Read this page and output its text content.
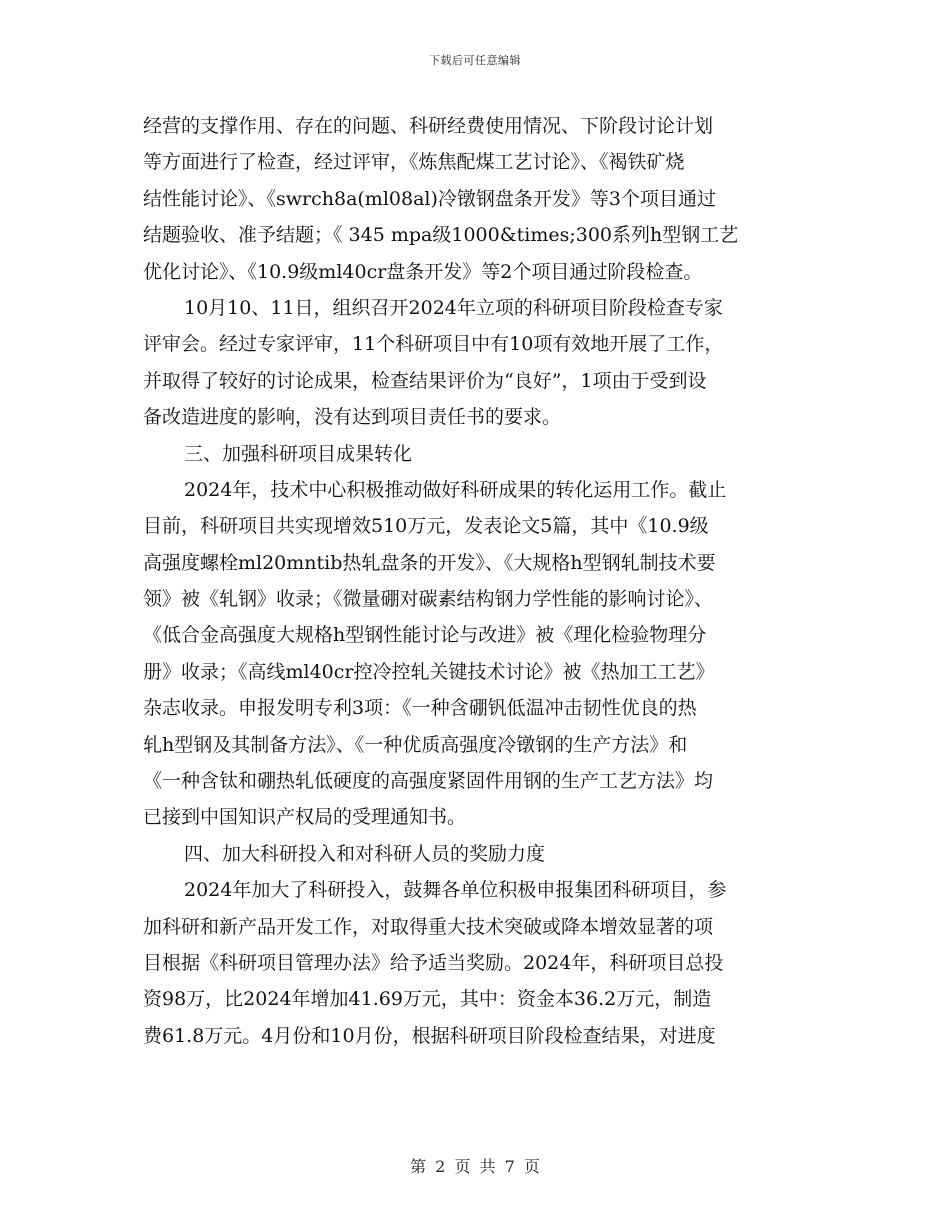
下载后可任意编辑
经营的支撑作用、存在的问题、科研经费使用情况、下阶段讨论计划
等方面进行了检查，经过评审，《炼焦配煤工艺讨论》、《褐铁矿烧
结性能讨论》、《swrch8a(ml08al)冷镦钢盘条开发》等3个项目通过
结题验收、准予结题；《 345 mpa级1000&times;300系列h型钢工艺
优化讨论》、《10.9级ml40cr盘条开发》等2个项目通过阶段检查。
10月10、11日，组织召开2024年立项的科研项目阶段检查专家
评审会。经过专家评审，11个科研项目中有10项有效地开展了工作，
并取得了较好的讨论成果，检查结果评价为“良好”，1项由于受到设
备改造进度的影响，没有达到项目责任书的要求。
三、加强科研项目成果转化
2024年，技术中心积极推动做好科研成果的转化运用工作。截止
目前，科研项目共实现增效510万元，发表论文5篇，其中《10.9级
高强度螺栓ml20mntib热轧盘条的开发》、《大规格h型钢轧制技术要
领》被《轧钢》收录；《微量硼对碳素结构钢力学性能的影响讨论》、
《低合金高强度大规格h型钢性能讨论与改进》被《理化检验物理分
册》收录；《高线ml40cr控冷控轧关键技术讨论》被《热加工工艺》
杂志收录。申报发明专利3项：《一种含硼钒低温冲击韧性优良的热
轧h型钢及其制备方法》、《一种优质高强度冷镦钢的生产方法》和
《一种含钛和硼热轧低硬度的高强度紧固件用钢的生产工艺方法》均
已接到中国知识产权局的受理通知书。
四、加大科研投入和对科研人员的奖励力度
2024年加大了科研投入，鼓舞各单位积极申报集团科研项目，参
加科研和新产品开发工作，对取得重大技术突破或降本增效显著的项
目根据《科研项目管理办法》给予适当奖励。2024年，科研项目总投
资98万，比2024年增加41.69万元，其中：资金本36.2万元，制造
费61.8万元。4月份和10月份，根据科研项目阶段检查结果，对进度
第 2 页 共 7 页
